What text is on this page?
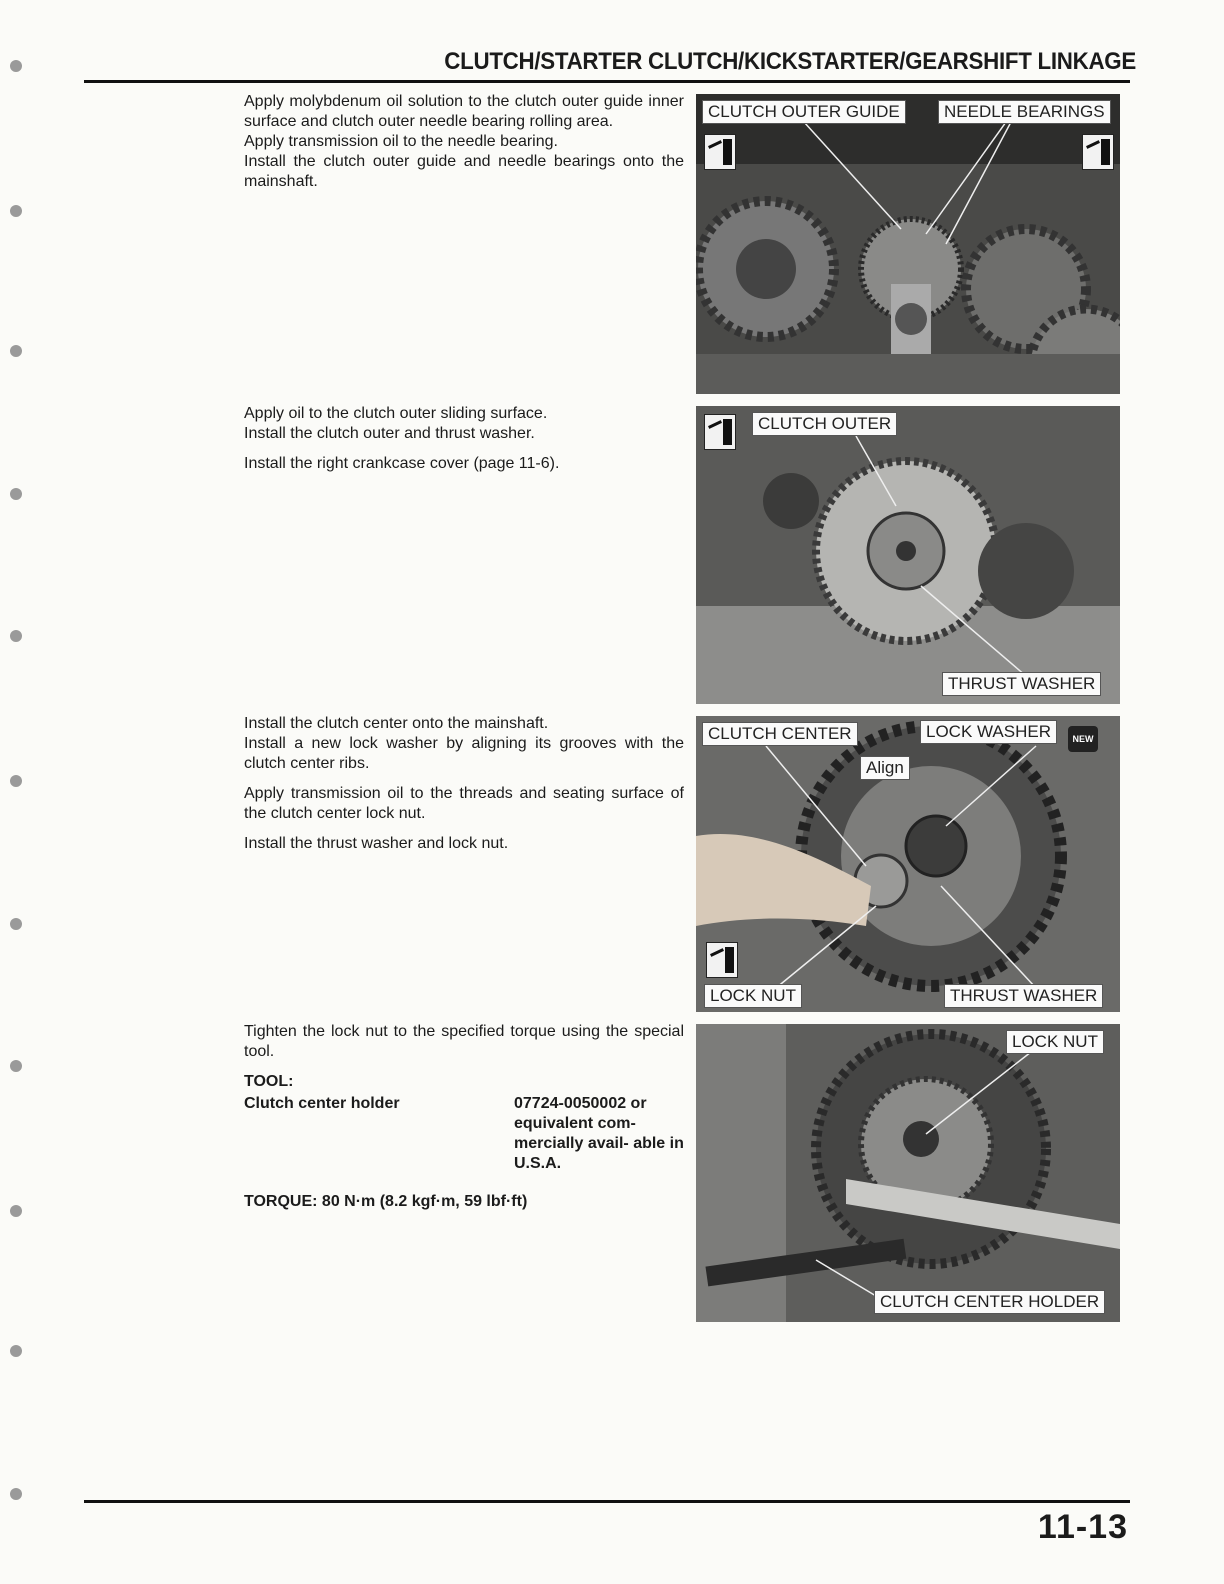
CLUTCH/STARTER CLUTCH/KICKSTARTER/GEARSHIFT LINKAGE

Apply molybdenum oil solution to the clutch outer guide inner surface and clutch outer needle bearing rolling area.

Apply transmission oil to the needle bearing.

Install the clutch outer guide and needle bearings onto the mainshaft.

CLUTCH OUTER GUIDE	NEEDLE BEARINGS

Apply oil to the clutch outer sliding surface.

Install the clutch outer and thrust washer.

Install the right crankcase cover (page 11-6).

CLUTCH OUTER
THRUST WASHER

Install the clutch center onto the mainshaft.

Install a new lock washer by aligning its grooves with the clutch center ribs.

Apply transmission oil to the threads and seating surface of the clutch center lock nut.

Install the thrust washer and lock nut.

CLUTCH CENTER	LOCK WASHER	NEW
Align
LOCK NUT	THRUST WASHER

Tighten the lock nut to the specified torque using the special tool.

TOOL:
Clutch center holder	07724-0050002 or equivalent com- mercially avail- able in U.S.A.
TORQUE: 80 N·m (8.2 kgf·m, 59 lbf·ft)
LOCK NUT
CLUTCH CENTER HOLDER
11-13
